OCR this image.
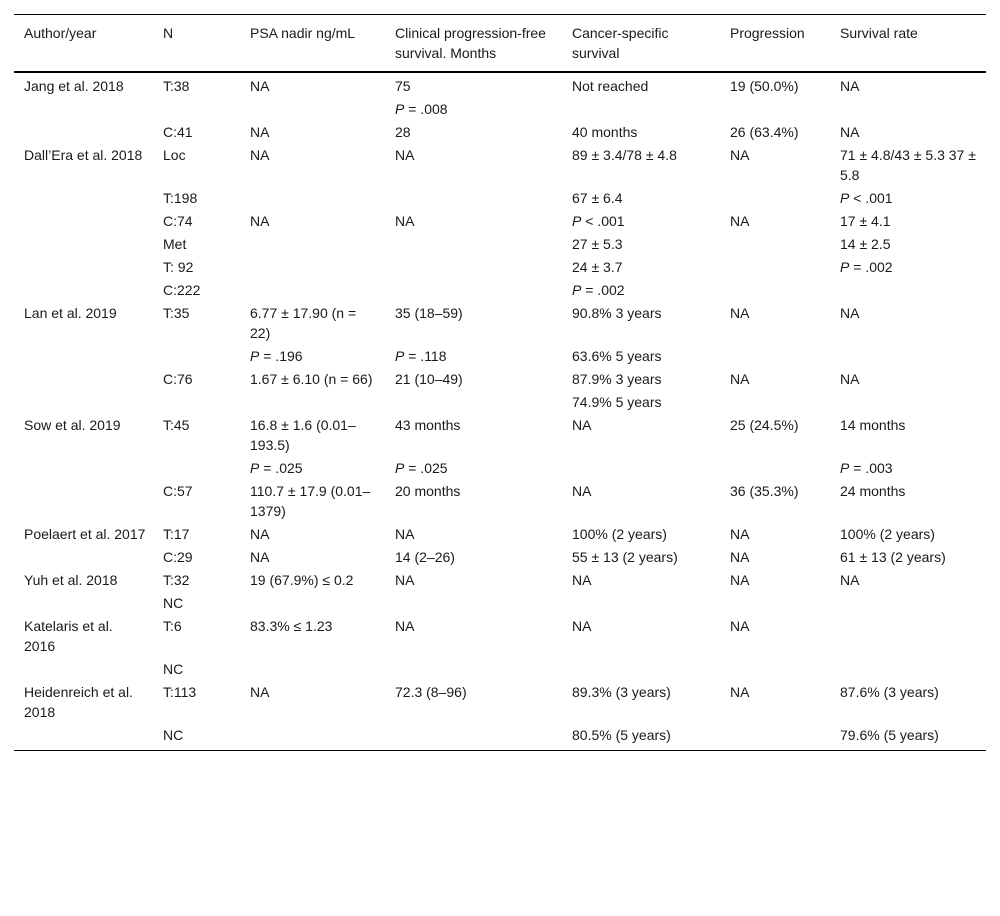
Author/year	N	PSA nadir ng/mL	Clinical progression-free survival. Months	Cancer-specific survival	Progression	Survival rate
Jang et al. 2018	T:38	NA	75	Not reached	19 (50.0%)	NA
			P = .008			
	C:41	NA	28	40 months	26 (63.4%)	NA
Dall’Era et al. 2018	Loc	NA	NA	89 ± 3.4/78 ± 4.8	NA	71 ± 4.8/43 ± 5.3 37 ± 5.8
	T:198			67 ± 6.4		P < .001
	C:74	NA	NA	P < .001	NA	17 ± 4.1
	Met			27 ± 5.3		14 ± 2.5
	T: 92			24 ± 3.7		P = .002
	C:222			P = .002		
Lan et al. 2019	T:35	6.77 ± 17.90 (n = 22)	35 (18–59)	90.8% 3 years	NA	NA
		P = .196	P = .118	63.6% 5 years		
	C:76	1.67 ± 6.10 (n = 66)	21 (10–49)	87.9% 3 years	NA	NA
				74.9% 5 years		
Sow et al. 2019	T:45	16.8 ± 1.6 (0.01–193.5)	43 months	NA	25 (24.5%)	14 months
		P = .025	P = .025			P = .003
	C:57	110.7 ± 17.9 (0.01–1379)	20 months	NA	36 (35.3%)	24 months
Poelaert et al. 2017	T:17	NA	NA	100% (2 years)	NA	100% (2 years)
	C:29	NA	14 (2–26)	55 ± 13 (2 years)	NA	61 ± 13 (2 years)
Yuh et al. 2018	T:32	19 (67.9%) ≤ 0.2	NA	NA	NA	NA
	NC					
Katelaris et al. 2016	T:6	83.3% ≤ 1.23	NA	NA	NA	
	NC					
Heidenreich et al. 2018	T:113	NA	72.3 (8–96)	89.3% (3 years)	NA	87.6% (3 years)
	NC			80.5% (5 years)		79.6% (5 years)
